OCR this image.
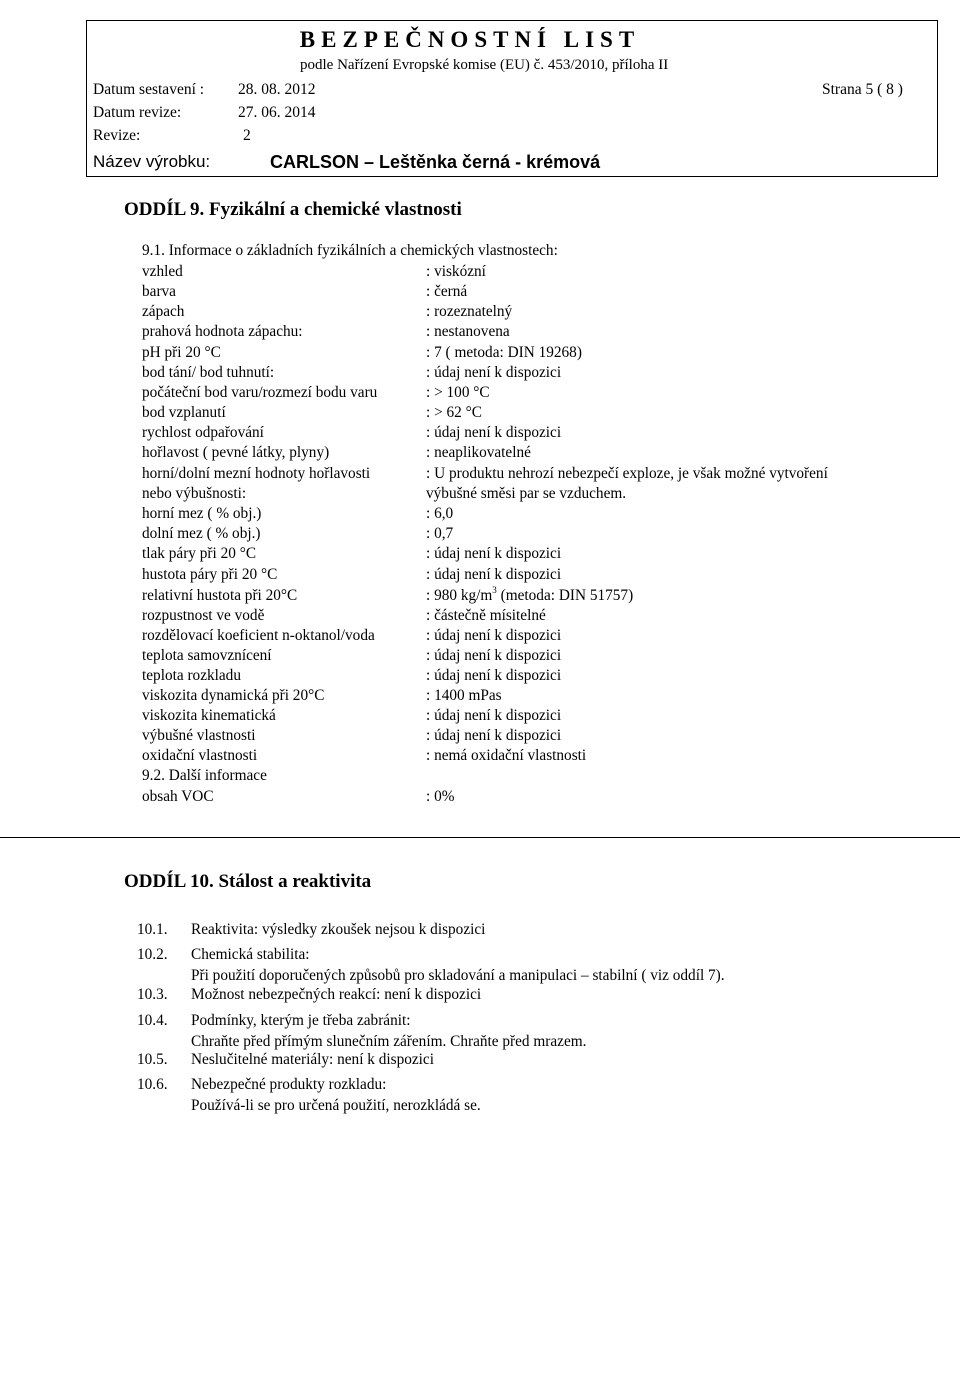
BEZPEČNOSTNÍ LIST
podle Nařízení Evropské komise (EU) č. 453/2010, příloha II
Datum sestavení : 28. 08. 2012	Strana 5 ( 8 )
Datum revize:	27. 06. 2014
Revize:	2
Název výrobku:	CARLSON – Leštěnka černá - krémová
ODDÍL 9. Fyzikální a chemické vlastnosti
9.1. Informace o základních fyzikálních a chemických vlastnostech:
vzhled	: viskózní
barva	: černá
zápach	: rozeznatelný
prahová hodnota zápachu:	: nestanovena
pH při 20 °C	: 7 ( metoda: DIN 19268)
bod tání/ bod tuhnutí:	: údaj není k dispozici
počáteční bod varu/rozmezí bodu varu	: > 100 °C
bod vzplanutí	: > 62 °C
rychlost odpařování	: údaj není k dispozici
hořlavost ( pevné látky, plyny)	: neaplikovatelné
horní/dolní mezní hodnoty hořlavosti	: U produktu nehrozí nebezpečí exploze, je však možné vytvoření
nebo výbušnosti:	výbušné směsi par se vzduchem.
horní mez ( % obj.)	: 6,0
dolní mez ( % obj.)	: 0,7
tlak páry při 20 °C	: údaj není k dispozici
hustota páry při 20 °C	: údaj není k dispozici
relativní hustota při 20°C	: 980 $kg/m^3$ (metoda: DIN 51757)
rozpustnost ve vodě	: částečně mísitelné
rozdělovací koeficient n-oktanol/voda	: údaj není k dispozici
teplota samovznícení	: údaj není k dispozici
teplota rozkladu	: údaj není k dispozici
viskozita dynamická při 20°C	: 1400 mPas
viskozita kinematická	: údaj není k dispozici
výbušné vlastnosti	: údaj není k dispozici
oxidační vlastnosti	: nemá oxidační vlastnosti
9.2. Další informace
obsah VOC	: 0%
ODDÍL 10. Stálost a reaktivita
10.1. Reaktivita: výsledky zkoušek nejsou k dispozici
10.2. Chemická stabilita:
Při použití doporučených způsobů pro skladování a manipulaci – stabilní ( viz oddíl 7).
10.3. Možnost nebezpečných reakcí: není k dispozici
10.4. Podmínky, kterým je třeba zabránit:
Chraňte před přímým slunečním zářením. Chraňte před mrazem.
10.5. Neslučitelné materiály: není k dispozici
10.6. Nebezpečné produkty rozkladu:
Používá-li se pro určená použití, nerozkládá se.
